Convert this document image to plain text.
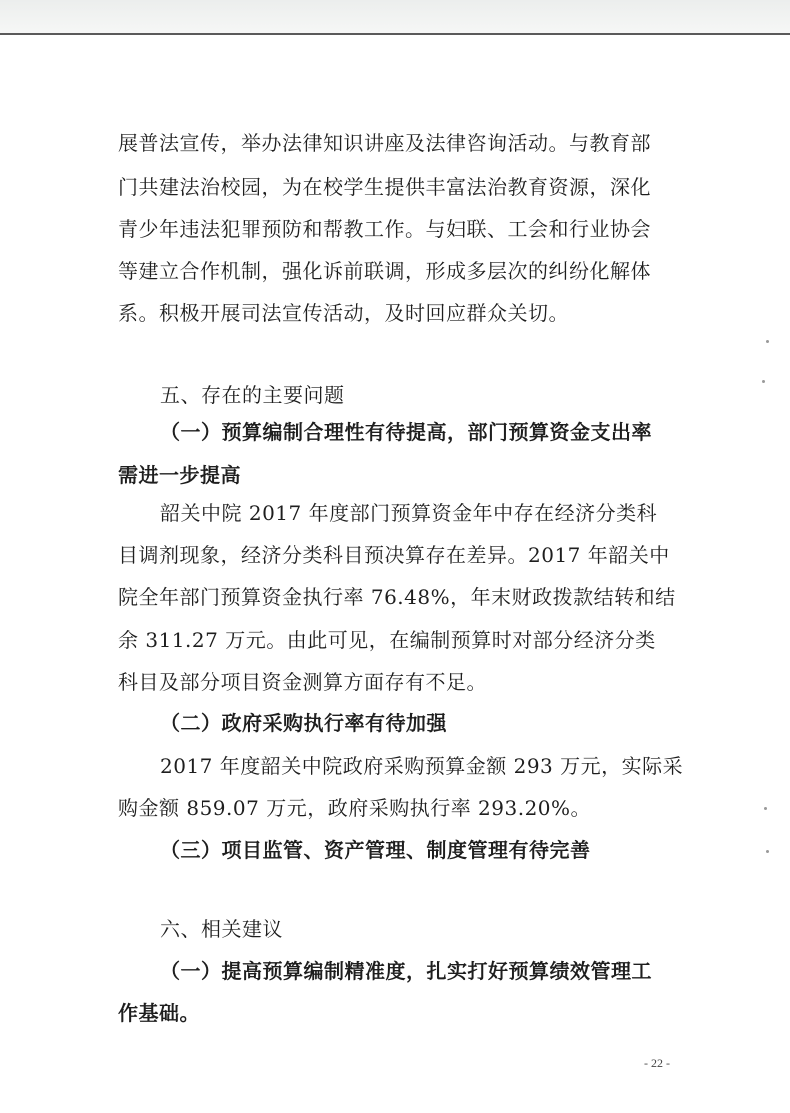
展普法宣传，举办法律知识讲座及法律咨询活动。与教育部

门共建法治校园，为在校学生提供丰富法治教育资源，深化

青少年违法犯罪预防和帮教工作。与妇联、工会和行业协会

等建立合作机制，强化诉前联调，形成多层次的纠纷化解体

系。积极开展司法宣传活动，及时回应群众关切。

五、存在的主要问题

（一）预算编制合理性有待提高，部门预算资金支出率

需进一步提高

韶关中院 2017 年度部门预算资金年中存在经济分类科

目调剂现象，经济分类科目预决算存在差异。2017 年韶关中

院全年部门预算资金执行率 76.48%，年末财政拨款结转和结

余 311.27 万元。由此可见，在编制预算时对部分经济分类

科目及部分项目资金测算方面存有不足。

（二）政府采购执行率有待加强

2017 年度韶关中院政府采购预算金额 293 万元，实际采

购金额 859.07 万元，政府采购执行率 293.20%。

（三）项目监管、资产管理、制度管理有待完善

六、相关建议

（一）提高预算编制精准度，扎实打好预算绩效管理工

作基础。

- 22 -
